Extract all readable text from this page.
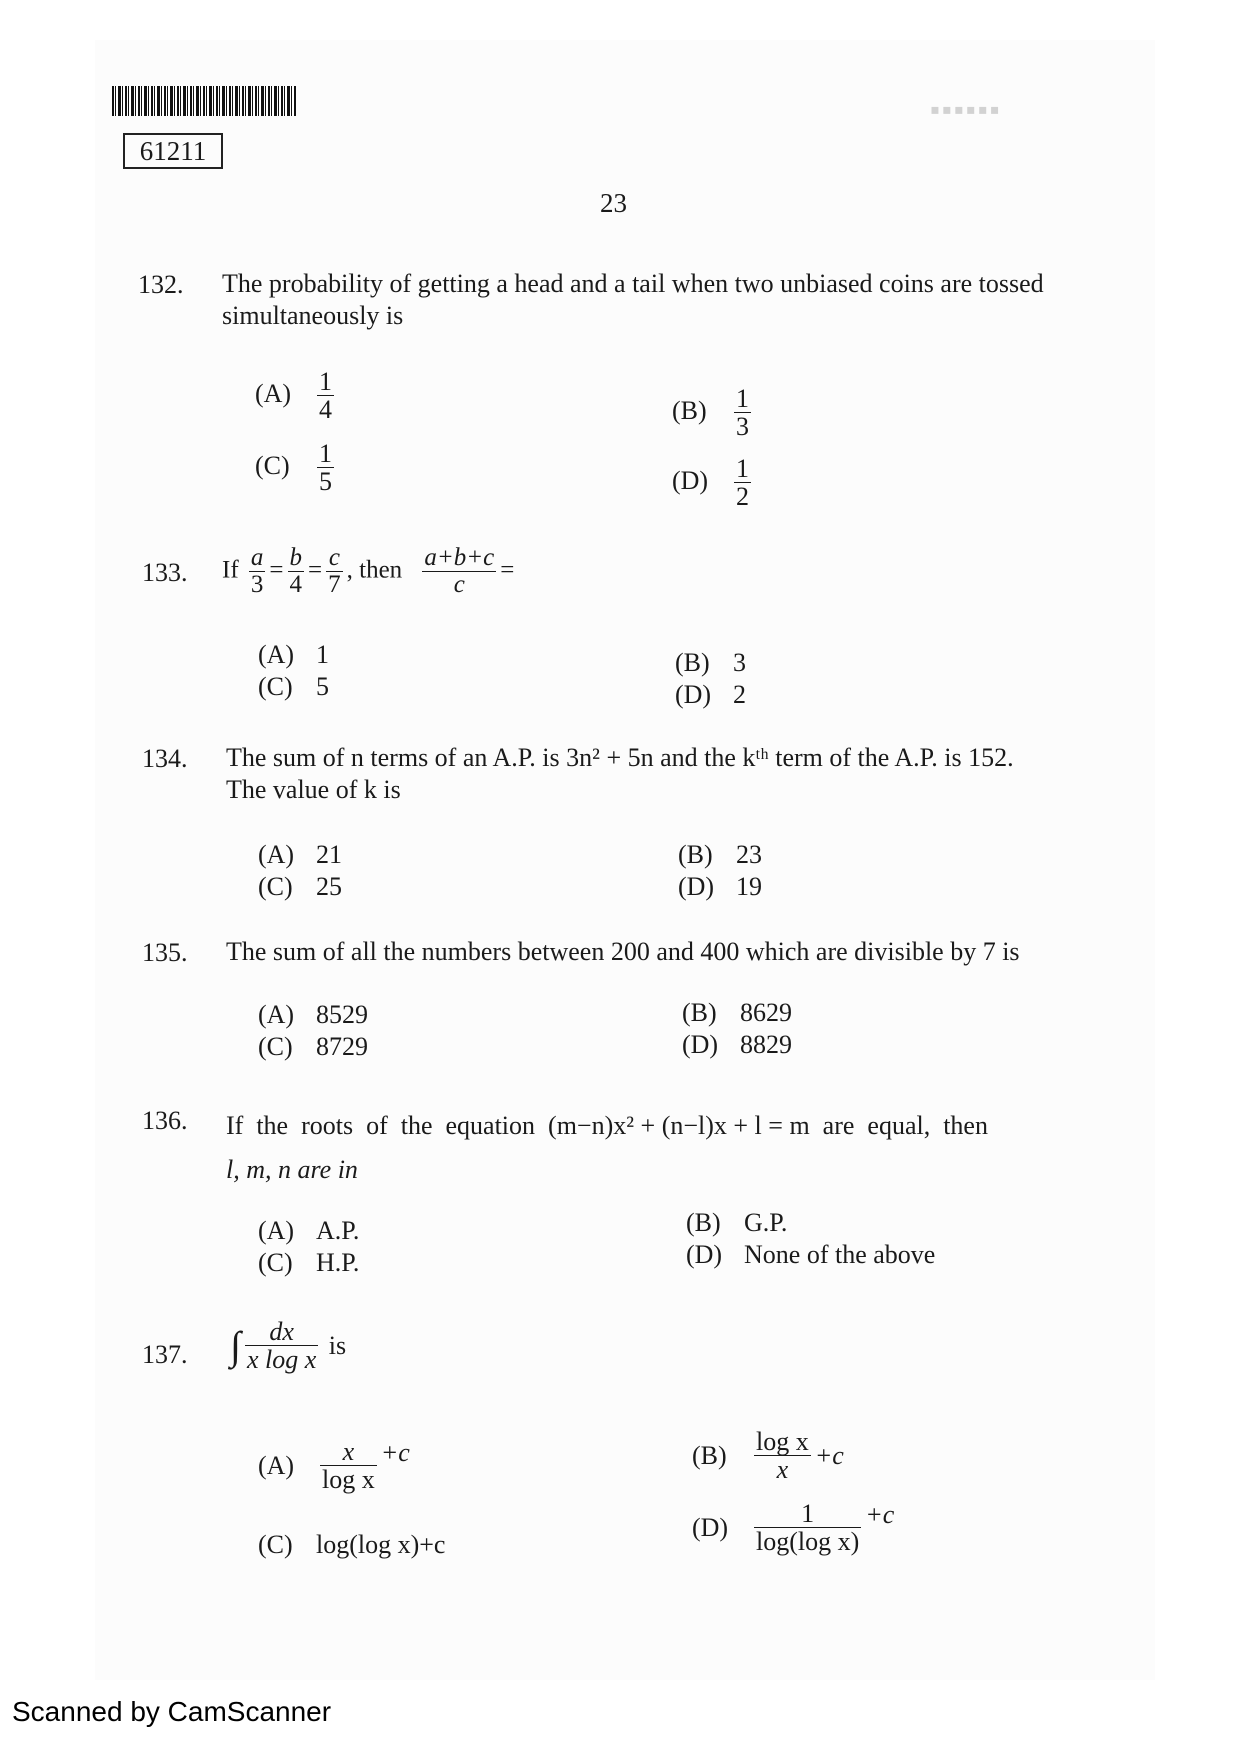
61211
▪▪▪▪▪▪
23
132. The probability of getting a head and a tail when two unbiased coins are tossed
simultaneously is
$(A) \frac{1}{4}$	$(B) \frac{1}{3}$
$(C) \frac{1}{5}$	$(D) \frac{1}{2}$
133. If $\frac{a}{3} = \frac{b}{4} = \frac{c}{7}$ , then $\frac{a+b+c}{c}$ =
(A) 1	(B) 3
(C) 5	(D) 2
134. The sum of n terms of an A.P. is 3n² + 5n and the kᵗʰ term of the A.P. is 152.
The value of k is
(A) 21	(B) 23
(C) 25	(D) 19
135. The sum of all the numbers between 200 and 400 which are divisible by 7 is
(A) 8529	(B) 8629
(C) 8729	(D) 8829
136. If  the  roots  of  the  equation  (m−n)x² + (n−l)x + l = m  are  equal,  then
l, m, n are in
(A) A.P.	(B) G.P.
(C) H.P.	(D) None of the above
137. ∫ $\frac{dx}{\text{x log x}}$ is
$(A) \frac{x}{\text{log x}} +c$	$(B) \frac{\text{log x}}{x} +c$
(C) log(log x)+c
$(D) \frac{1}{\text{log(log x)}} +c$
Scanned by CamScanner
